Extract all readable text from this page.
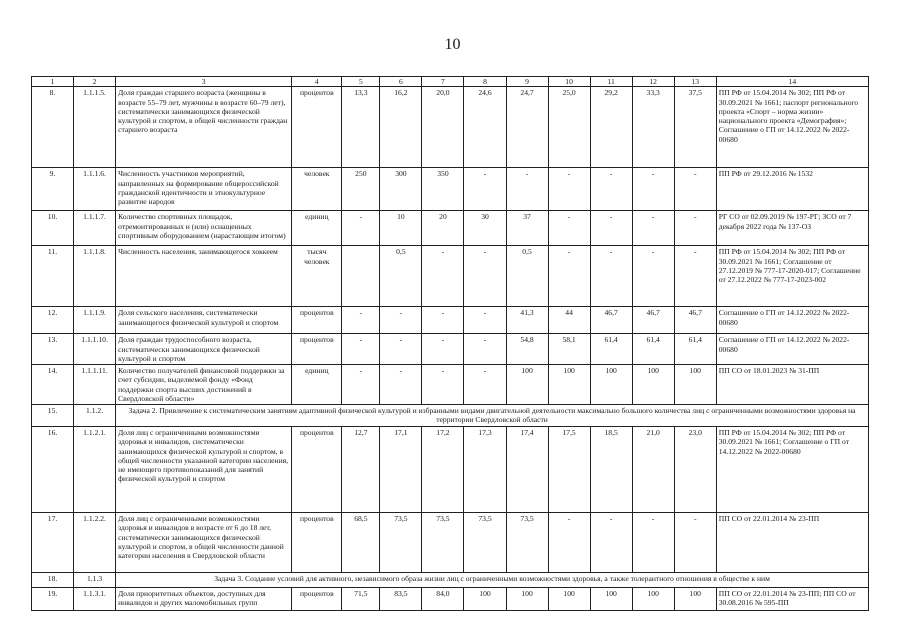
10
1	2	3	4	5	6	7	8	9	10	11	12	13	14
8.	1.1.1.5.	Доля граждан старшего возраста (женщины в возрасте 55–79 лет, мужчины в возрасте 60–79 лет), систематически занимающихся физической культурой и спортом, в общей численности граждан старшего возраста	процентов	13,3	16,2	20,0	24,6	24,7	25,0	29,2	33,3	37,5	ПП РФ от 15.04.2014 № 302; ПП РФ от 30.09.2021 № 1661; паспорт регионального проекта «Спорт – норма жизни» национального проекта «Демография»; Соглашение о ГП от 14.12.2022 № 2022-00680
9.	1.1.1.6.	Численность участников мероприятий, направленных на формирование общероссийской гражданской идентичности и этнокультурное развитие народов	человек	250	300	350	-	-	-	-	-	-	ПП РФ от 29.12.2016 № 1532
10.	1.1.1.7.	Количество спортивных площадок, отремонтированных и (или) оснащенных спортивным оборудованием (нарастающим итогом)	единиц	-	10	20	30	37	-	-	-	-	РГ СО от 02.09.2019 № 197-РГ; ЗСО от 7 декабря 2022 года № 137-ОЗ
11.	1.1.1.8.	Численность населения, занимающегося хоккеем	тысяч человек		0,5	-	-	0,5	-	-	-	-	ПП РФ от 15.04.2014 № 302; ПП РФ от 30.09.2021 № 1661; Соглашение от 27.12.2019 № 777-17-2020-017; Соглашение от 27.12.2022 № 777-17-2023-002
12.	1.1.1.9.	Доля сельского населения, систематически занимающегося физической культурой и спортом	процентов	-	-	-	-	41,3	44	46,7	46,7	46,7	Соглашение о ГП от 14.12.2022 № 2022-00680
13.	1.1.1.10.	Доля граждан трудоспособного возраста, систематически занимающихся физической культурой и спортом	процентов	-	-	-	-	54,8	58,1	61,4	61,4	61,4	Соглашение о ГП от 14.12.2022 № 2022-00680
14.	1.1.1.11.	Количество получателей финансовой поддержки за счет субсидии, выделяемой фонду «Фонд поддержки спорта высших достижений в Свердловской области»	единиц	-	-	-	-	100	100	100	100	100	ПП СО от 18.01.2023 № 31-ПП
15.	1.1.2.	Задача 2. Привлечение к систематическим занятиям адаптивной физической культурой и избранными видами двигательной деятельности максимально большого количества лиц с ограниченными возможностями здоровья на территории Свердловской области											
16.	1.1.2.1.	Доля лиц с ограниченными возможностями здоровья и инвалидов, систематически занимающихся физической культурой и спортом, в общей численности указанной категории населения, не имеющего противопоказаний для занятий физической культурой и спортом	процентов	12,7	17,1	17,2	17,3	17,4	17,5	18,5	21,0	23,0	ПП РФ от 15.04.2014 № 302; ПП РФ от 30.09.2021 № 1661; Соглашение о ГП от 14.12.2022 № 2022-00680
17.	1.1.2.2.	Доля лиц с ограниченными возможностями здоровья и инвалидов в возрасте от 6 до 18 лет, систематически занимающихся физической культурой и спортом, в общей численности данной категории населения в Свердловской области	процентов	68,5	73,5	73,5	73,5	73,5	-	-	-	-	ПП СО от 22.01.2014 № 23-ПП
18.	1.1.3	Задача 3. Создание условий для активного, независимого образа жизни лиц с ограниченными возможностями здоровья, а также толерантного отношения в обществе к ним											
19.	1.1.3.1.	Доля приоритетных объектов, доступных для инвалидов и других маломобильных групп	процентов	71,5	83,5	84,0	100	100	100	100	100	100	ПП СО от 22.01.2014 № 23-ПП; ПП СО от 30.08.2016 № 595-ПП
